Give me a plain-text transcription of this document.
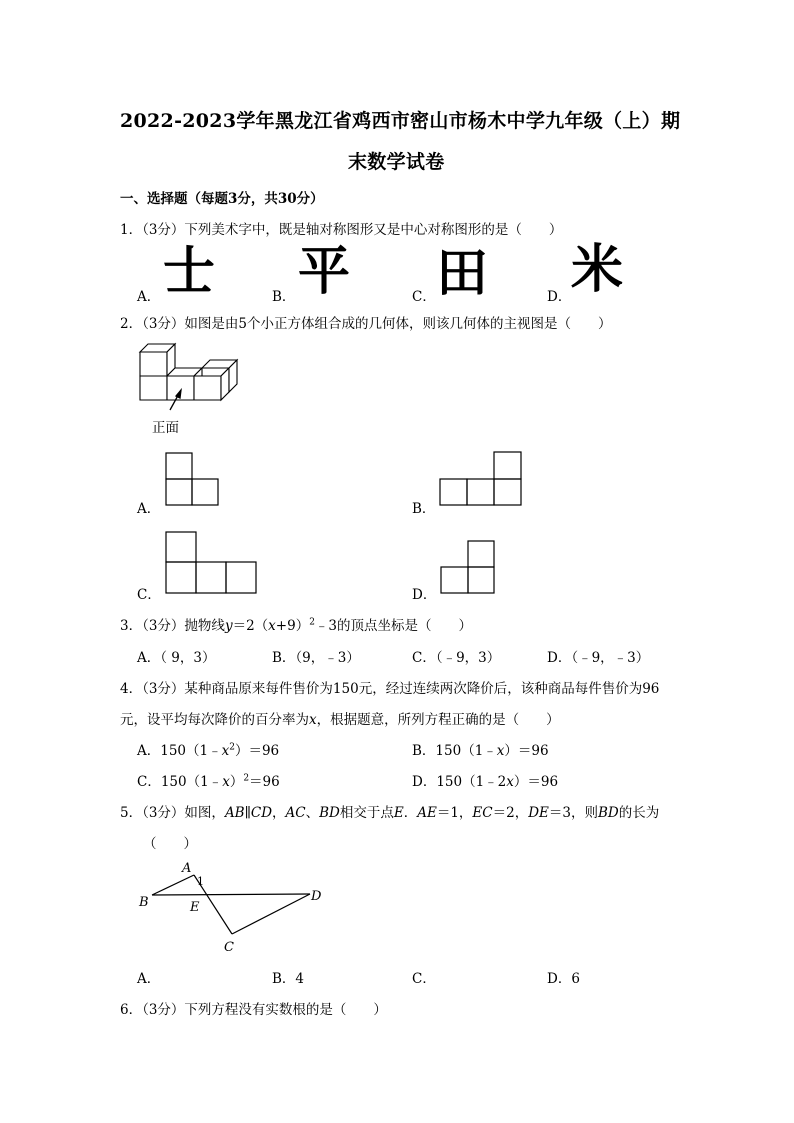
2022-2023学年黑龙江省鸡西市密山市杨木中学九年级（上）期
末数学试卷
一、选择题（每题3分，共30分）
1．（3分）下列美术字中，既是轴对称图形又是中心对称图形的是（　　）
A． 士	B． 平	C． 田	D． 米
2．（3分）如图是由5个小正方体组合成的几何体，则该几何体的主视图是（　　）
正面
A．	B．
C．	D．
3．（3分）抛物线$y=2(x+9)^2﹣3$的顶点坐标是（　　）
A．（ 9，3）	B．（9，﹣3）	C．（﹣9，3）	D．（﹣9，﹣3）
4．（3分）某种商品原来每件售价为150元，经过连续两次降价后，该种商品每件售价为96
元，设平均每次降价的百分率为x，根据题意，所列方程正确的是（　　）
A．$150(1﹣x^2)=96$	B．150（1﹣x）＝96
C．150（1﹣x）$^2$＝96	D．150（1﹣2x）＝96
5．（3分）如图，AB∥CD，AC、BD相交于点E．AE＝1，EC＝2，DE＝3，则BD的长为
（　　）
A
B
C
D
E
1
A．	B．4	C．	D．6
6．（3分）下列方程没有实数根的是（　　）
